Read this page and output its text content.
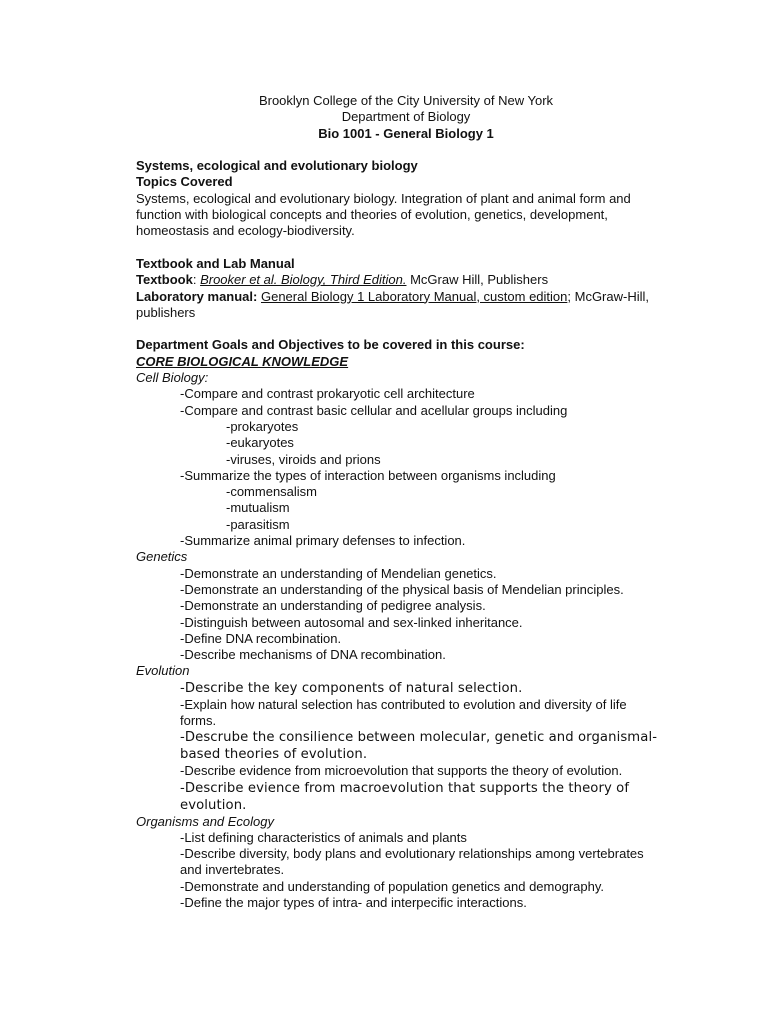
Brooklyn College of the City University of New York
Department of Biology
Bio 1001 - General Biology 1
Systems, ecological and evolutionary biology
Topics Covered

Systems, ecological and evolutionary biology. Integration of plant and animal form and function with biological concepts and theories of evolution, genetics, development, homeostasis and ecology-biodiversity.

Textbook and Lab Manual
Textbook: Brooker et al. Biology, Third Edition. McGraw Hill, Publishers
Laboratory manual: General Biology 1 Laboratory Manual, custom edition; McGraw-Hill, publishers
Department Goals and Objectives to be covered in this course:
CORE BIOLOGICAL KNOWLEDGE
Cell Biology:
-Compare and contrast prokaryotic cell architecture
-Compare and contrast basic cellular and acellular groups including
-prokaryotes
-eukaryotes
-viruses, viroids and prions
-Summarize the types of interaction between organisms including
-commensalism
-mutualism
-parasitism
-Summarize animal primary defenses to infection.
Genetics
-Demonstrate an understanding of Mendelian genetics.
-Demonstrate an understanding of the physical basis of Mendelian principles.
-Demonstrate an understanding of pedigree analysis.
-Distinguish between autosomal and sex-linked inheritance.
-Define DNA recombination.
-Describe mechanisms of DNA recombination.
Evolution
-Describe the key components of natural selection.
-Explain how natural selection has contributed to evolution and diversity of life forms.
-Descrube the consilience between molecular, genetic and organismal-based theories of evolution.
-Describe evidence from microevolution that supports the theory of evolution.
-Describe evience from macroevolution that supports the theory of evolution.
Organisms and Ecology
-List defining characteristics of animals and plants
-Describe diversity, body plans and evolutionary relationships among vertebrates and invertebrates.
-Demonstrate and understanding of population genetics and demography.
-Define the major types of intra- and interpecific interactions.
